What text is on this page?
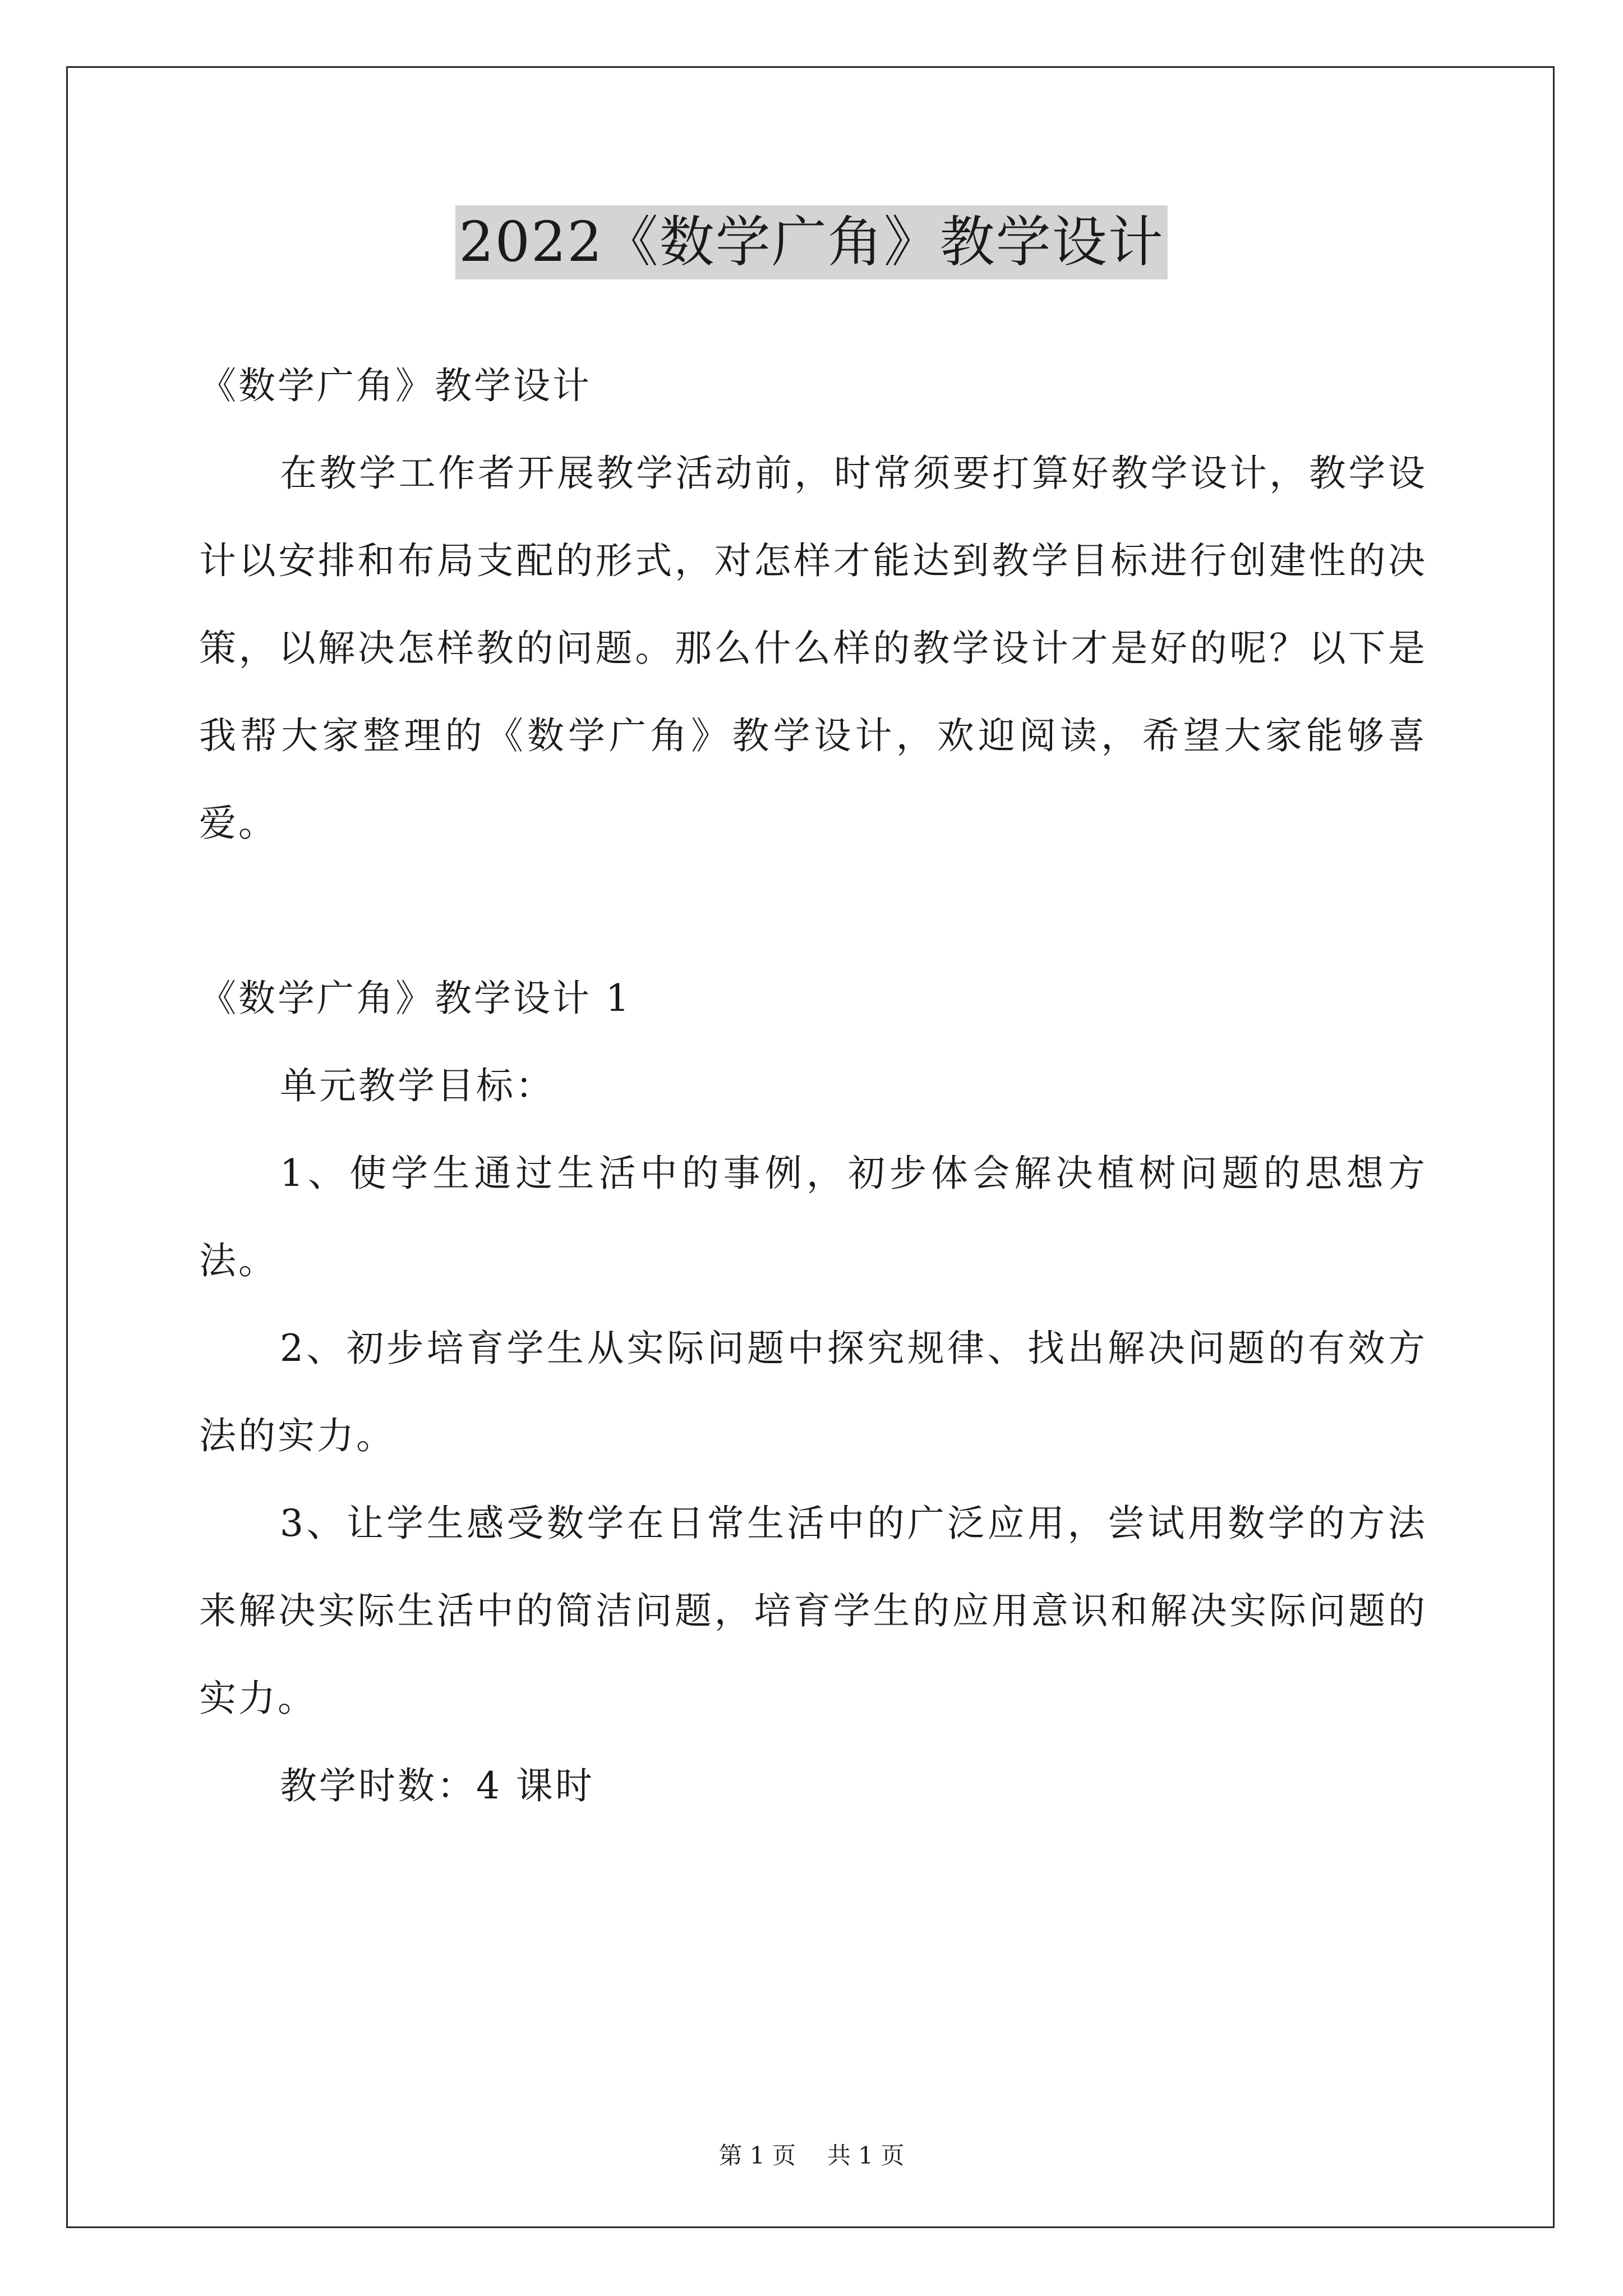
2022《数学广角》教学设计

《数学广角》教学设计

在教学工作者开展教学活动前，时常须要打算好教学设计，教学设计以安排和布局支配的形式，对怎样才能达到教学目标进行创建性的决策，以解决怎样教的问题。那么什么样的教学设计才是好的呢？以下是我帮大家整理的《数学广角》教学设计，欢迎阅读，希望大家能够喜爱。

《数学广角》教学设计 1

单元教学目标：

1、使学生通过生活中的事例，初步体会解决植树问题的思想方法。

2、初步培育学生从实际问题中探究规律、找出解决问题的有效方法的实力。

3、让学生感受数学在日常生活中的广泛应用，尝试用数学的方法来解决实际生活中的简洁问题，培育学生的应用意识和解决实际问题的实力。

教学时数：4 课时

第 1 页 共 1 页
